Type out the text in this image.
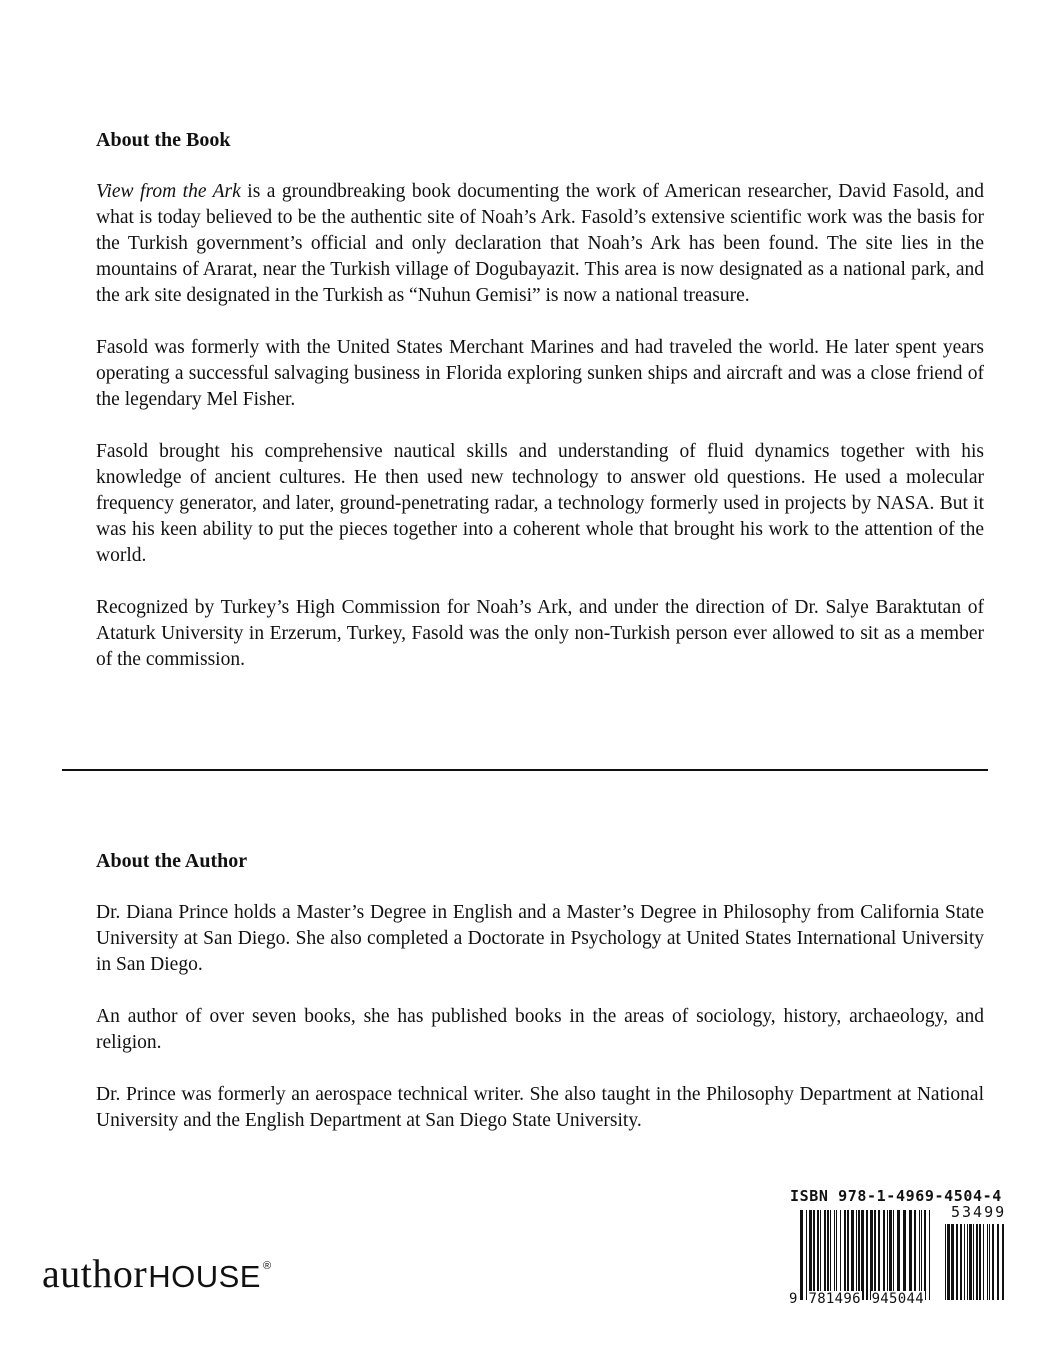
About the Book

View from the Ark is a groundbreaking book documenting the work of American researcher, David Fasold, and what is today believed to be the authentic site of Noah’s Ark. Fasold’s extensive scientific work was the basis for the Turkish government’s official and only declaration that Noah’s Ark has been found. The site lies in the mountains of Ararat, near the Turkish village of Dogubayazit. This area is now designated as a national park, and the ark site designated in the Turkish as “Nuhun Gemisi” is now a national treasure.

Fasold was formerly with the United States Merchant Marines and had traveled the world. He later spent years operating a successful salvaging business in Florida exploring sunken ships and aircraft and was a close friend of the legendary Mel Fisher.

Fasold brought his comprehensive nautical skills and understanding of fluid dynamics together with his knowledge of ancient cultures. He then used new technology to answer old questions. He used a molecular frequency generator, and later, ground-penetrating radar, a technology formerly used in projects by NASA. But it was his keen ability to put the pieces together into a coherent whole that brought his work to the attention of the world.

Recognized by Turkey’s High Commission for Noah’s Ark, and under the direction of Dr. Salye Baraktutan of Ataturk University in Erzerum, Turkey, Fasold was the only non-Turkish person ever allowed to sit as a member of the commission.

About the Author

Dr. Diana Prince holds a Master’s Degree in English and a Master’s Degree in Philosophy from California State University at San Diego. She also completed a Doctorate in Psychology at United States International University in San Diego.

An author of over seven books, she has published books in the areas of sociology, history, archaeology, and religion.

Dr. Prince was formerly an aerospace technical writer. She also taught in the Philosophy Department at National University and the English Department at San Diego State University.

author HOUSE ®
ISBN 978-1-4969-4504-4
53499
9 781496 945044
